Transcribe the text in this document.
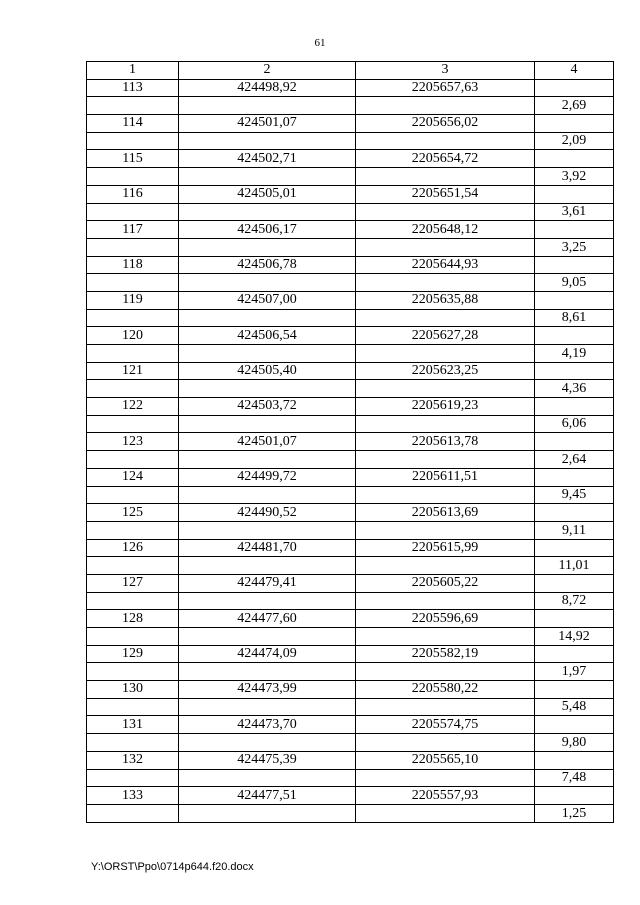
61
1	2	3	4
113	424498,92	2205657,63	
			2,69
114	424501,07	2205656,02	
			2,09
115	424502,71	2205654,72	
			3,92
116	424505,01	2205651,54	
			3,61
117	424506,17	2205648,12	
			3,25
118	424506,78	2205644,93	
			9,05
119	424507,00	2205635,88	
			8,61
120	424506,54	2205627,28	
			4,19
121	424505,40	2205623,25	
			4,36
122	424503,72	2205619,23	
			6,06
123	424501,07	2205613,78	
			2,64
124	424499,72	2205611,51	
			9,45
125	424490,52	2205613,69	
			9,11
126	424481,70	2205615,99	
			11,01
127	424479,41	2205605,22	
			8,72
128	424477,60	2205596,69	
			14,92
129	424474,09	2205582,19	
			1,97
130	424473,99	2205580,22	
			5,48
131	424473,70	2205574,75	
			9,80
132	424475,39	2205565,10	
			7,48
133	424477,51	2205557,93	
			1,25
Y:\ORST\Ppo\0714p644.f20.docx
